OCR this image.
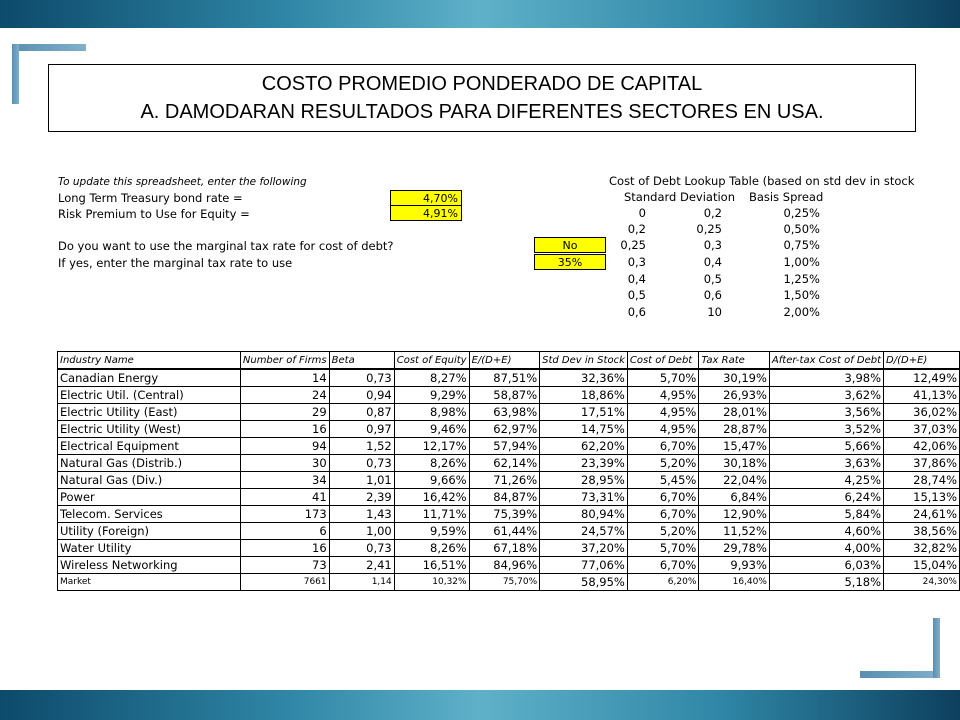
COSTO PROMEDIO PONDERADO DE CAPITAL
A. DAMODARAN RESULTADOS PARA DIFERENTES SECTORES EN USA.
To update this spreadsheet, enter the following
Long Term Treasury bond rate =	4,70%
Risk Premium to Use for Equity =	4,91%
Do you want to use the marginal tax rate for cost of debt?	No
If yes, enter the marginal tax rate to use	35%
Cost of Debt Lookup Table (based on std dev in stock
Standard Deviation Basis Spread
0	0,2	0,25%
0,2	0,25	0,50%
0,25	0,3	0,75%
0,3	0,4	1,00%
0,4	0,5	1,25%
0,5	0,6	1,50%
0,6	10	2,00%
Industry Name	Number of Firms	Beta	Cost of Equity	E/(D+E)	Std Dev in Stock	Cost of Debt	Tax Rate	After-tax Cost of Debt	D/(D+E)
Canadian Energy	14	0,73	8,27%	87,51%	32,36%	5,70%	30,19%	3,98%	12,49%
Electric Util. (Central)	24	0,94	9,29%	58,87%	18,86%	4,95%	26,93%	3,62%	41,13%
Electric Utility (East)	29	0,87	8,98%	63,98%	17,51%	4,95%	28,01%	3,56%	36,02%
Electric Utility (West)	16	0,97	9,46%	62,97%	14,75%	4,95%	28,87%	3,52%	37,03%
Electrical Equipment	94	1,52	12,17%	57,94%	62,20%	6,70%	15,47%	5,66%	42,06%
Natural Gas (Distrib.)	30	0,73	8,26%	62,14%	23,39%	5,20%	30,18%	3,63%	37,86%
Natural Gas (Div.)	34	1,01	9,66%	71,26%	28,95%	5,45%	22,04%	4,25%	28,74%
Power	41	2,39	16,42%	84,87%	73,31%	6,70%	6,84%	6,24%	15,13%
Telecom. Services	173	1,43	11,71%	75,39%	80,94%	6,70%	12,90%	5,84%	24,61%
Utility (Foreign)	6	1,00	9,59%	61,44%	24,57%	5,20%	11,52%	4,60%	38,56%
Water Utility	16	0,73	8,26%	67,18%	37,20%	5,70%	29,78%	4,00%	32,82%
Wireless Networking	73	2,41	16,51%	84,96%	77,06%	6,70%	9,93%	6,03%	15,04%
Market	7661	1,14	10,32%	75,70%	58,95%	6,20%	16,40%	5,18%	24,30%
